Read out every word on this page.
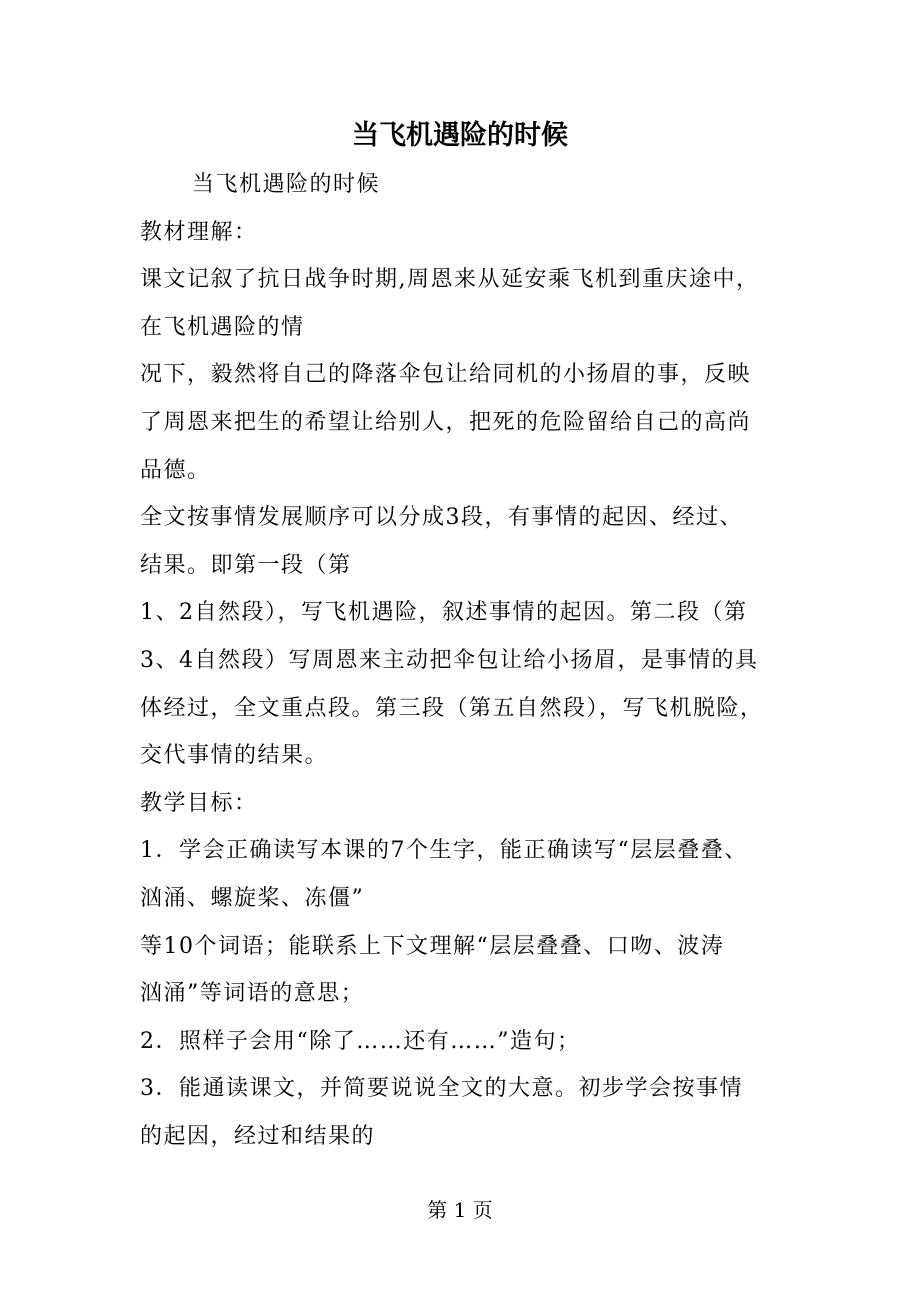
当飞机遇险的时候
当飞机遇险的时候
教材理解：
课文记叙了抗日战争时期,周恩来从延安乘飞机到重庆途中，
在飞机遇险的情
况下，毅然将自己的降落伞包让给同机的小扬眉的事，反映
了周恩来把生的希望让给别人，把死的危险留给自己的高尚
品德。
全文按事情发展顺序可以分成3段，有事情的起因、经过、
结果。即第一段（第
1、2自然段），写飞机遇险，叙述事情的起因。第二段（第
3、4自然段）写周恩来主动把伞包让给小扬眉，是事情的具
体经过，全文重点段。第三段（第五自然段），写飞机脱险，
交代事情的结果。
教学目标：
1．学会正确读写本课的7个生字，能正确读写“层层叠叠、
汹涌、螺旋桨、冻僵”
等10个词语；能联系上下文理解“层层叠叠、口吻、波涛
汹涌”等词语的意思；
2．照样子会用“除了……还有……”造句；
3．能通读课文，并简要说说全文的大意。初步学会按事情
的起因，经过和结果的
第 1 页
